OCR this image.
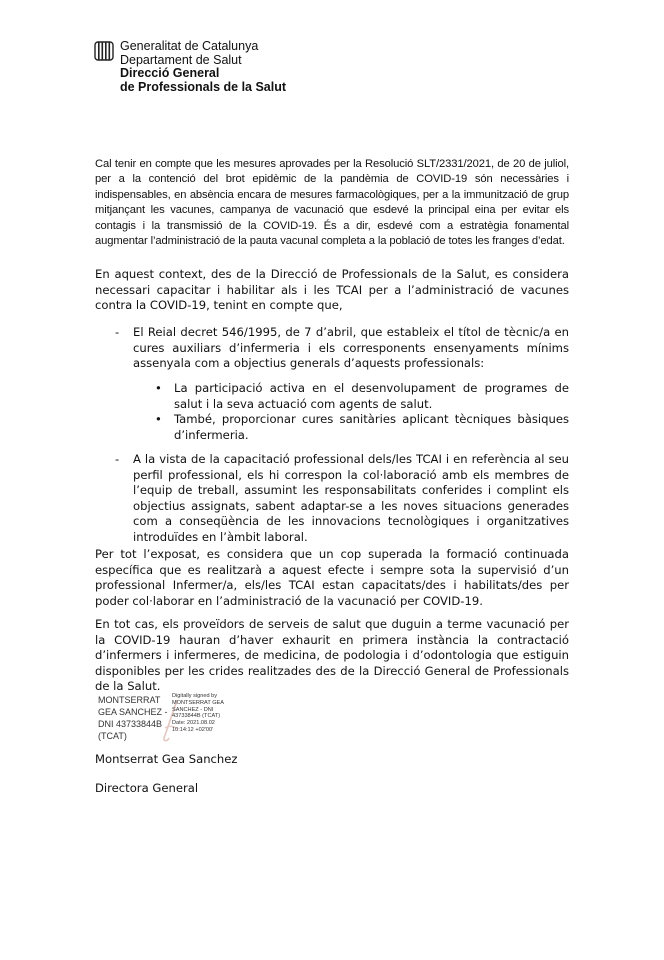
Generalitat de Catalunya
Departament de Salut
Direcció General
de Professionals de la Salut

Cal tenir en compte que les mesures aprovades per la Resolució SLT/2331/2021, de 20 de juliol, per a la contenció del brot epidèmic de la pandèmia de COVID-19 són necessàries i indispensables, en absència encara de mesures farmacològiques, per a la immunització de grup mitjançant les vacunes, campanya de vacunació que esdevé la principal eina per evitar els contagis i la transmissió de la COVID-19. És a dir, esdevé com a estratègia fonamental augmentar l’administració de la pauta vacunal completa a la població de totes les franges d’edat.

En aquest context, des de la Direcció de Professionals de la Salut, es considera necessari capacitar i habilitar als i les TCAI per a l’administració de vacunes contra la COVID-19, tenint en compte que,

- El Reial decret 546/1995, de 7 d’abril, que estableix el títol de tècnic/a en cures auxiliars d’infermeria i els corresponents ensenyaments mínims assenyala com a objectius generals d’aquests professionals:
• La participació activa en el desenvolupament de programes de salut i la seva actuació com agents de salut.
• També, proporcionar cures sanitàries aplicant tècniques bàsiques d’infermeria.
- A la vista de la capacitació professional dels/les TCAI i en referència al seu perfil professional, els hi correspon la col·laboració amb els membres de l’equip de treball, assumint les responsabilitats conferides i complint els objectius assignats, sabent adaptar-se a les noves situacions generades com a conseqüència de les innovacions tecnològiques i organitzatives introduïdes en l’àmbit laboral.

Per tot l’exposat, es considera que un cop superada la formació continuada específica que es realitzarà a aquest efecte i sempre sota la supervisió d’un professional Infermer/a, els/les TCAI estan capacitats/des i habilitats/des per poder col·laborar en l’administració de la vacunació per COVID-19.

En tot cas, els proveïdors de serveis de salut que duguin a terme vacunació per la COVID-19 hauran d’haver exhaurit en primera instància la contractació d’infermers i infermeres, de medicina, de podologia i d’odontologia que estiguin disponibles per les crides realitzades des de la Direcció General de Professionals de la Salut.

MONTSERRAT
GEA SANCHEZ -
DNI 43733844B
(TCAT)
Digitally signed by
MONTSERRAT GEA
SANCHEZ - DNI
43733844B (TCAT)
Date: 2021.08.02
10:14:12 +02'00'
Montserrat Gea Sanchez
Directora General
